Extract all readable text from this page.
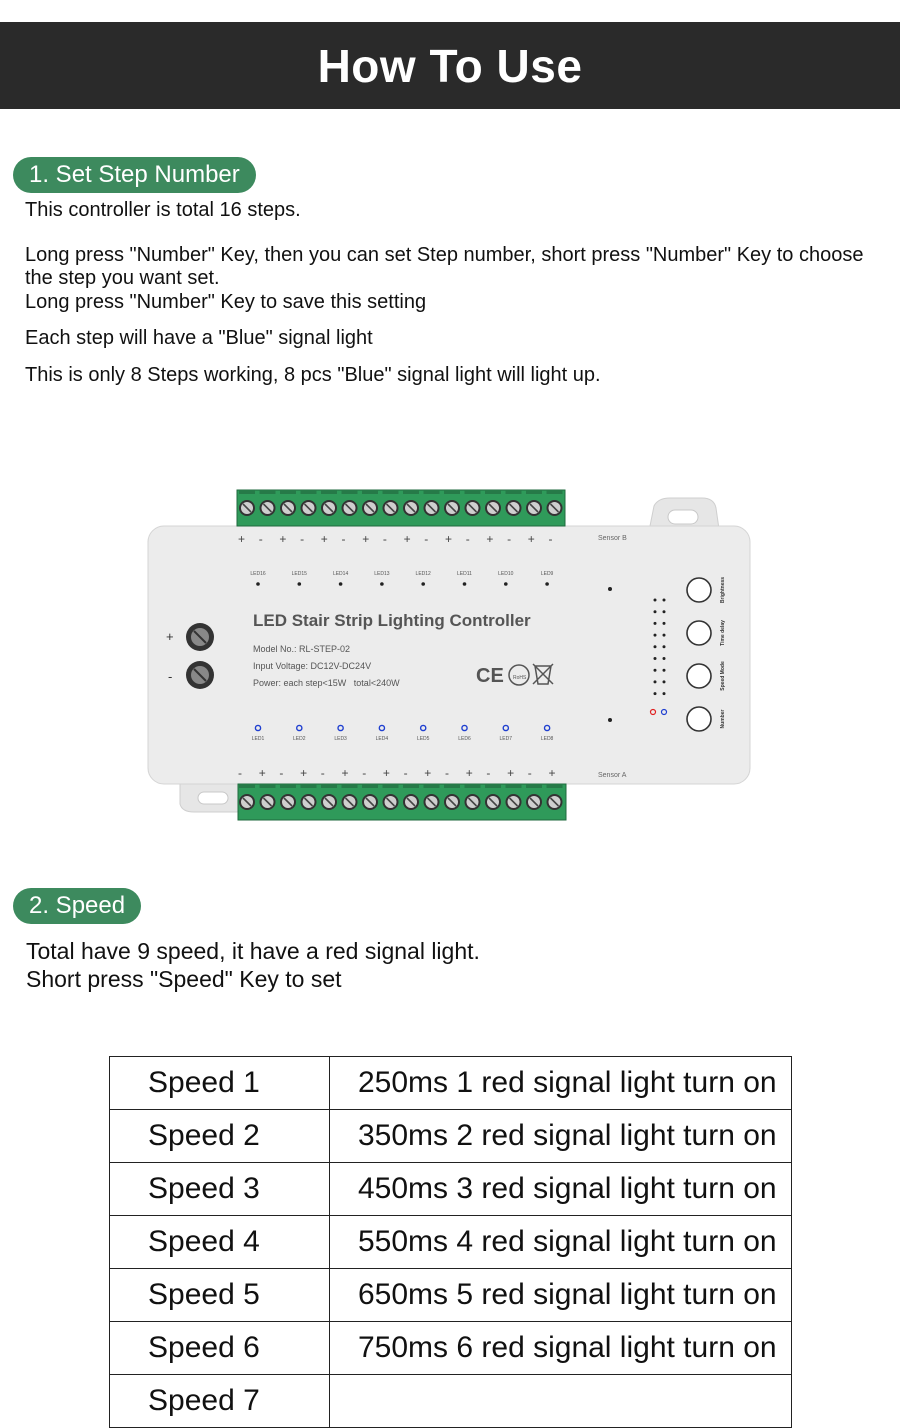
How To Use
1. Set Step Number

This controller is total 16 steps.

Long press "Number" Key, then you can set Step number, short press "Number" Key to choose the step you want set.

Long press "Number" Key to save this setting

Each step will have a "Blue" signal light

This is only 8 Steps working, 8 pcs "Blue" signal light will light up.

+ - + - + - + - + - + - + - + -
- + - + - + - + - + - + - + - +
Sensor B
Sensor A
LED16	LED15	LED14	LED13	LED12	LED11	LED10	LED9
LED1	LED2	LED3	LED4	LED5	LED6	LED7	LED8
+
-
LED Stair Strip Lighting Controller
Model No.: RL-STEP-02
Input Voltage: DC12V-DC24V
Power: each step<15W   total<240W	CE RoHS
Brightness
Time delay
Speed Mode
Number
2. Speed

Total have 9 speed, it have a red signal light.

Short press "Speed" Key to set

Speed 1	250ms 1 red signal light turn on
Speed 2	350ms 2 red signal light turn on
Speed 3	450ms 3 red signal light turn on
Speed 4	550ms 4 red signal light turn on
Speed 5	650ms 5 red signal light turn on
Speed 6	750ms 6 red signal light turn on
Speed 7	
